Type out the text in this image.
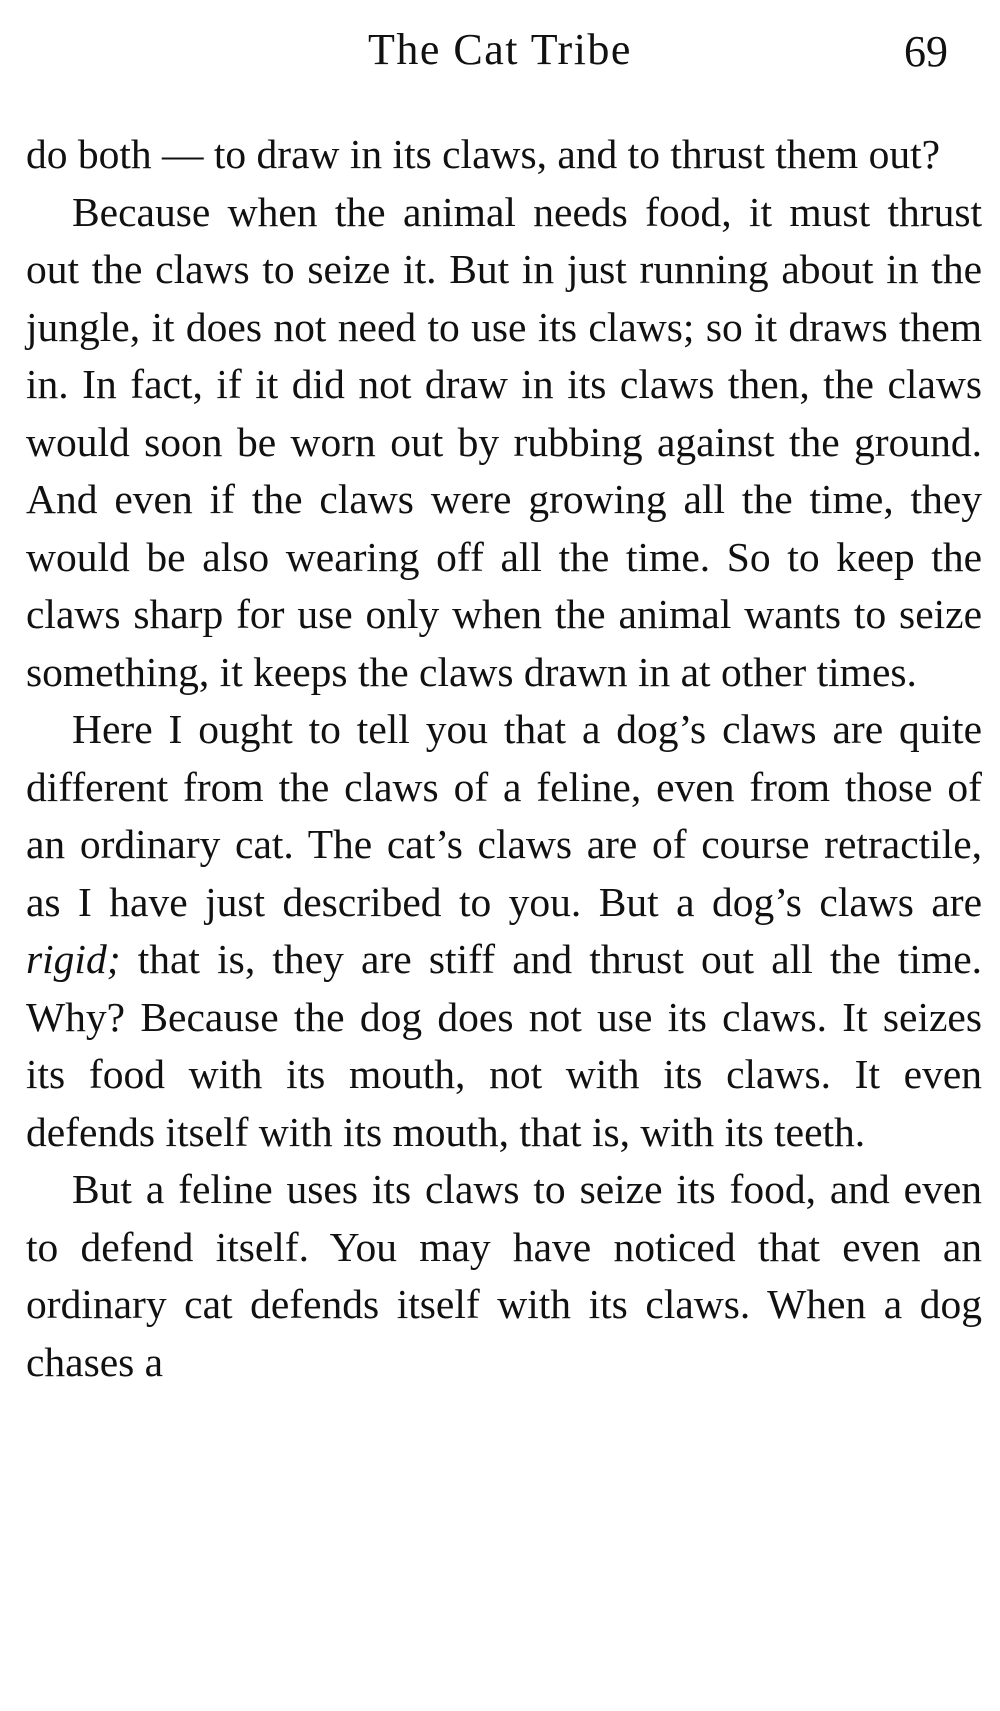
The Cat Tribe	69

do both — to draw in its claws, and to thrust them out?

Because when the animal needs food, it must thrust out the claws to seize it. But in just running about in the jungle, it does not need to use its claws; so it draws them in. In fact, if it did not draw in its claws then, the claws would soon be worn out by rubbing against the ground. And even if the claws were growing all the time, they would be also wearing off all the time. So to keep the claws sharp for use only when the animal wants to seize something, it keeps the claws drawn in at other times.

Here I ought to tell you that a dog’s claws are quite different from the claws of a feline, even from those of an ordinary cat. The cat’s claws are of course retractile, as I have just described to you. But a dog’s claws are rigid; that is, they are stiff and thrust out all the time. Why? Because the dog does not use its claws. It seizes its food with its mouth, not with its claws. It even defends itself with its mouth, that is, with its teeth.

But a feline uses its claws to seize its food, and even to defend itself. You may have noticed that even an ordinary cat defends itself with its claws. When a dog chases a
